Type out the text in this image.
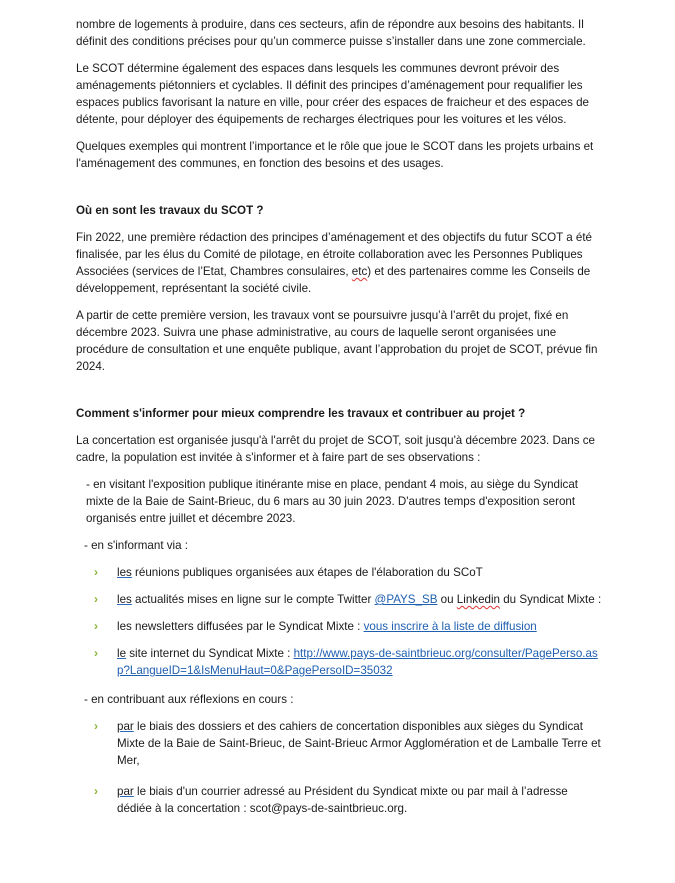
nombre de logements à produire, dans ces secteurs, afin de répondre aux besoins des habitants. Il définit des conditions précises pour qu’un commerce puisse s’installer dans une zone commerciale.

Le SCOT détermine également des espaces dans lesquels les communes devront prévoir des aménagements piétonniers et cyclables. Il définit des principes d’aménagement pour requalifier les espaces publics favorisant la nature en ville, pour créer des espaces de fraicheur et des espaces de détente, pour déployer des équipements de recharges électriques pour les voitures et les vélos.

Quelques exemples qui montrent l’importance et le rôle que joue le SCOT dans les projets urbains et l'aménagement des communes, en fonction des besoins et des usages.

Où en sont les travaux du SCOT ?

Fin 2022, une première rédaction des principes d’aménagement et des objectifs du futur SCOT a été finalisée, par les élus du Comité de pilotage, en étroite collaboration avec les Personnes Publiques Associées (services de l’Etat, Chambres consulaires, etc) et des partenaires comme les Conseils de développement, représentant la société civile.

A partir de cette première version, les travaux vont se poursuivre jusqu’à l’arrêt du projet, fixé en décembre 2023. Suivra une phase administrative, au cours de laquelle seront organisées une procédure de consultation et une enquête publique, avant l’approbation du projet de SCOT, prévue fin 2024.

Comment s'informer pour mieux comprendre les travaux et contribuer au projet ?

La concertation est organisée jusqu'à l'arrêt du projet de SCOT, soit jusqu'à décembre 2023. Dans ce cadre, la population est invitée à s'informer et à faire part de ses observations :

- en visitant l'exposition publique itinérante mise en place, pendant 4 mois, au siège du Syndicat mixte de la Baie de Saint-Brieuc, du 6 mars au 30 juin 2023. D'autres temps d'exposition seront organisés entre juillet et décembre 2023.

- en s'informant via :

› les réunions publiques organisées aux étapes de l'élaboration du SCoT
› les actualités mises en ligne sur le compte Twitter @PAYS_SB ou Linkedin du Syndicat Mixte :
› les newsletters diffusées par le Syndicat Mixte : vous inscrire à la liste de diffusion
› le site internet du Syndicat Mixte : http://www.pays-de-saintbrieuc.org/consulter/PagePerso.asp?LangueID=1&IsMenuHaut=0&PagePersoID=35032

- en contribuant aux réflexions en cours :

› par le biais des dossiers et des cahiers de concertation disponibles aux sièges du Syndicat Mixte de la Baie de Saint-Brieuc, de Saint-Brieuc Armor Agglomération et de Lamballe Terre et Mer,
› par le biais d'un courrier adressé au Président du Syndicat mixte ou par mail à l’adresse dédiée à la concertation : scot@pays-de-saintbrieuc.org.
